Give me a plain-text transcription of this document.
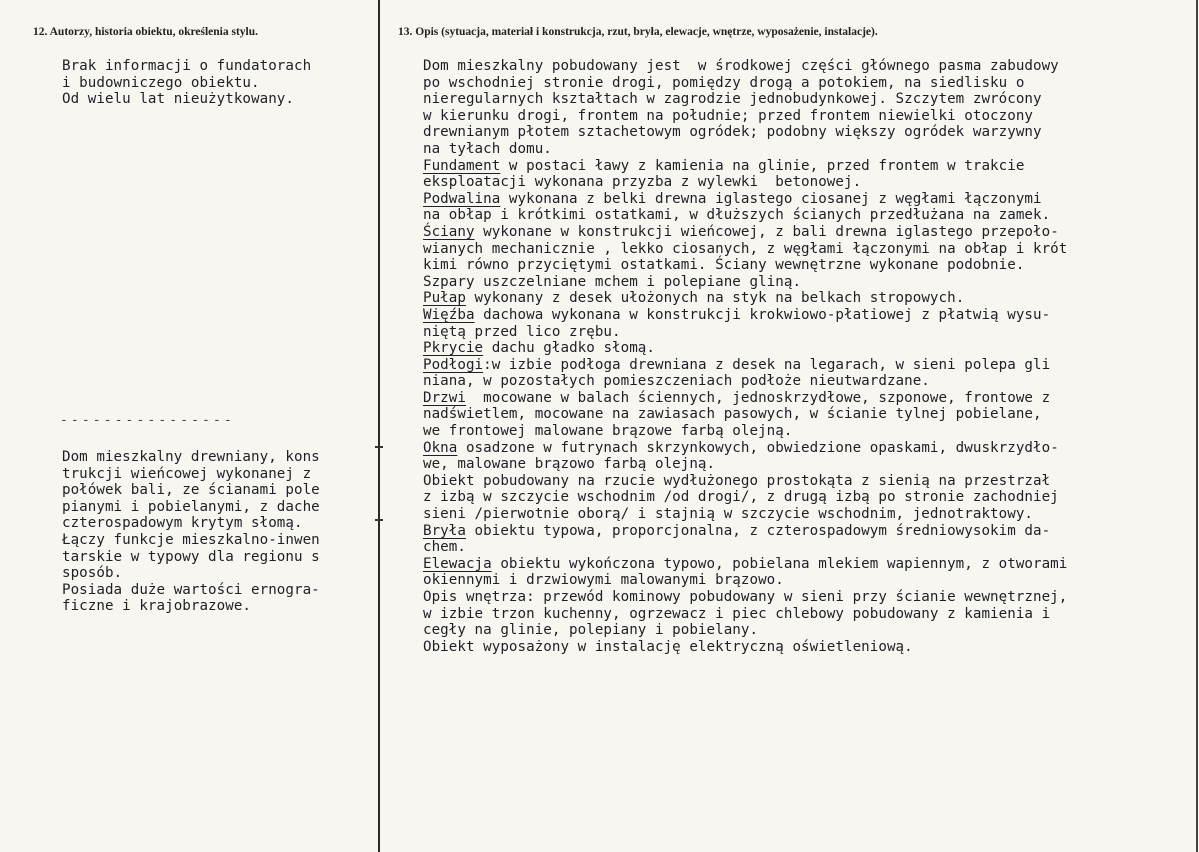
12. Autorzy, historia obiektu, określenia stylu.	13. Opis (sytuacja, materiał i konstrukcja, rzut, bryła, elewacje, wnętrze, wyposażenie, instalacje).
Brak informacji o fundatorach
i budowniczego obiektu.
Od wielu lat nieużytkowany.
----------------
Dom mieszkalny drewniany, kons
trukcji wieńcowej wykonanej z
połówek bali, ze ścianami pole
pianymi i pobielanymi, z dache
czterospadowym krytym słomą.
Łączy funkcje mieszkalno-inwen
tarskie w typowy dla regionu s
sposób.
Posiada duże wartości ernogra-
ficzne i krajobrazowe.
Dom mieszkalny pobudowany jest  w środkowej części głównego pasma zabudowy
po wschodniej stronie drogi, pomiędzy drogą a potokiem, na siedlisku o
nieregularnych kształtach w zagrodzie jednobudynkowej. Szczytem zwrócony
w kierunku drogi, frontem na południe; przed frontem niewielki otoczony
drewnianym płotem sztachetowym ogródek; podobny większy ogródek warzywny
na tyłach domu.
Fundament w postaci ławy z kamienia na glinie, przed frontem w trakcie
eksploatacji wykonana przyzba z wylewki  betonowej.
Podwalina wykonana z belki drewna iglastego ciosanej z węgłami łączonymi
na obłap i krótkimi ostatkami, w dłuższych ścianych przedłużana na zamek.
Ściany wykonane w konstrukcji wieńcowej, z bali drewna iglastego przepoło-
wianych mechanicznie , lekko ciosanych, z węgłami łączonymi na obłap i krót
kimi równo przyciętymi ostatkami. Ściany wewnętrzne wykonane podobnie.
Szpary uszczelniane mchem i polepiane gliną.
Pułap wykonany z desek ułożonych na styk na belkach stropowych.
Więźba dachowa wykonana w konstrukcji krokwiowo-płatiowej z płatwią wysu-
niętą przed lico zrębu.
Pkrycie dachu gładko słomą.
Podłogi:w izbie podłoga drewniana z desek na legarach, w sieni polepa gli
niana, w pozostałych pomieszczeniach podłoże nieutwardzane.
Drzwi  mocowane w balach ściennych, jednoskrzydłowe, szponowe, frontowe z
nadświetlem, mocowane na zawiasach pasowych, w ścianie tylnej pobielane,
we frontowej malowane brązowe farbą olejną.
Okna osadzone w futrynach skrzynkowych, obwiedzione opaskami, dwuskrzydło-
we, malowane brązowo farbą olejną.
Obiekt pobudowany na rzucie wydłużonego prostokąta z sienią na przestrzał
z izbą w szczycie wschodnim /od drogi/, z drugą izbą po stronie zachodniej
sieni /pierwotnie oborą/ i stajnią w szczycie wschodnim, jednotraktowy.
Bryła obiektu typowa, proporcjonalna, z czterospadowym średniowysokim da-
chem.
Elewacja obiektu wykończona typowo, pobielana mlekiem wapiennym, z otworami
okiennymi i drzwiowymi malowanymi brązowo.
Opis wnętrza: przewód kominowy pobudowany w sieni przy ścianie wewnętrznej,
w izbie trzon kuchenny, ogrzewacz i piec chlebowy pobudowany z kamienia i
cegły na glinie, polepiany i pobielany.
Obiekt wyposażony w instalację elektryczną oświetleniową.
